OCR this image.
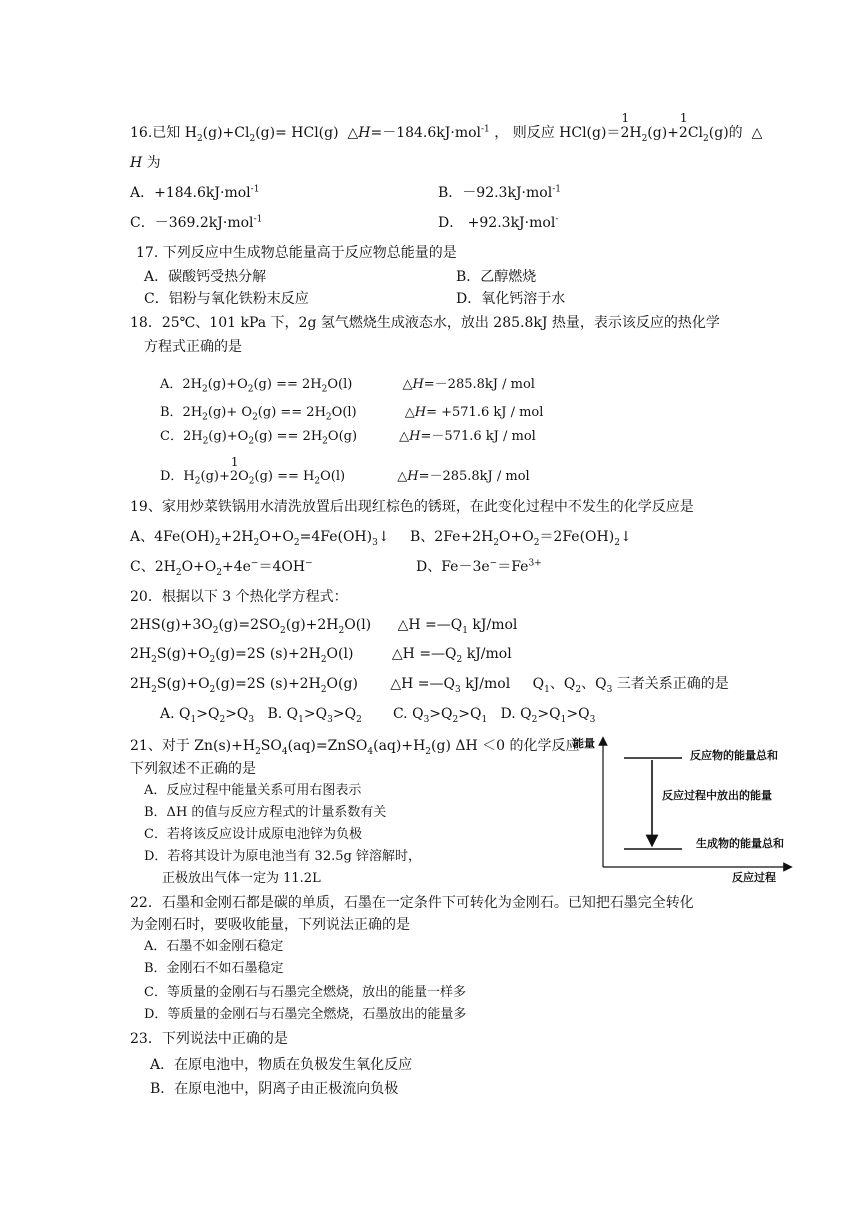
16.已知 $H_2(g)+Cl_2(g)= HCl(g)$  △H=－184.6kJ·mol$^{-1}$ ， 则反应 HCl(g)＝
1
$2H_2(g)+$
1
$2Cl_2(g)$的 △
H 为
A．+184.6kJ·mol$^{-1}$	B．－92.3kJ·mol$^{-1}$
C．－369.2kJ·mol$^{-1}$	D． +92.3kJ·mol-
17. 下列反应中生成物总能量高于反应物总能量的是
A．碳酸钙受热分解	B．乙醇燃烧
C．铝粉与氧化铁粉末反应	D．氧化钙溶于水
18．25℃、101 kPa 下，2g 氢气燃烧生成液态水，放出 285.8kJ 热量，表示该反应的热化学
方程式正确的是
A．$2H_2(g)+O_2(g) == 2H_2O(l)$	△H=－285.8kJ / mol
B．$2H_2(g)+ O_2(g) == 2H_2O(l)$	△H= +571.6 kJ / mol
C．$2H_2(g)+O_2(g) == 2H_2O(g)$	△H=－571.6 kJ / mol
D．$H_2(g)+$
1
$2O_2(g) == H_2O(l)$	△H=－285.8kJ / mol
19、家用炒菜铁锅用水清洗放置后出现红棕色的锈斑，在此变化过程中不发生的化学反应是
A、$4Fe(OH)_2+2H_2O+O_2=4Fe(OH)_3↓$ B、$2Fe+2H_2O+O_2=2Fe(OH)_2↓$
C、$2H_2O+O_2+4e^-=4OH^-$	D、$Fe-3e^-=Fe^{3+}$
20．根据以下 3 个热化学方程式：
$2HS(g)+3O_2(g)=2SO_2(g)+2H_2O(l)$ △H $=—Q_1$ kJ/mol
$2H_2S(g)+O_2(g)=2S$ $(s)+2H_2O(l)$ △H $=—Q_2$ kJ/mol
$2H_2S(g)+O_2(g)=2S$ $(s)+2H_2O(g)$ △H $=—Q_3$ kJ/mol $Q_1$、$Q_2$、$Q_3$ 三者关系正确的是
A. $Q_1>Q_2>Q_3$   B. $Q_1>Q_3>Q_2$       C. $Q_3>Q_2>Q_1$   D. $Q_2>Q_1>Q_3$
21、对于 $Zn(s)+H_2SO_4(aq)=ZnSO_4(aq)+H_2(g)$ ΔH ＜0 的化学反应
下列叙述不正确的是
A．反应过程中能量关系可用右图表示
B．ΔH 的值与反应方程式的计量系数有关
C．若将该反应设计成原电池锌为负极
D．若将其设计为原电池当有 32.5g 锌溶解时，
正极放出气体一定为 11.2L
能量
反应物的能量总和
反应过程中放出的能量
生成物的能量总和
反应过程
22．石墨和金刚石都是碳的单质，石墨在一定条件下可转化为金刚石。已知把石墨完全转化
为金刚石时，要吸收能量，下列说法正确的是
A．石墨不如金刚石稳定
B．金刚石不如石墨稳定
C．等质量的金刚石与石墨完全燃烧，放出的能量一样多
D．等质量的金刚石与石墨完全燃烧，石墨放出的能量多
23．下列说法中正确的是
A．在原电池中，物质在负极发生氧化反应
B．在原电池中，阴离子由正极流向负极
